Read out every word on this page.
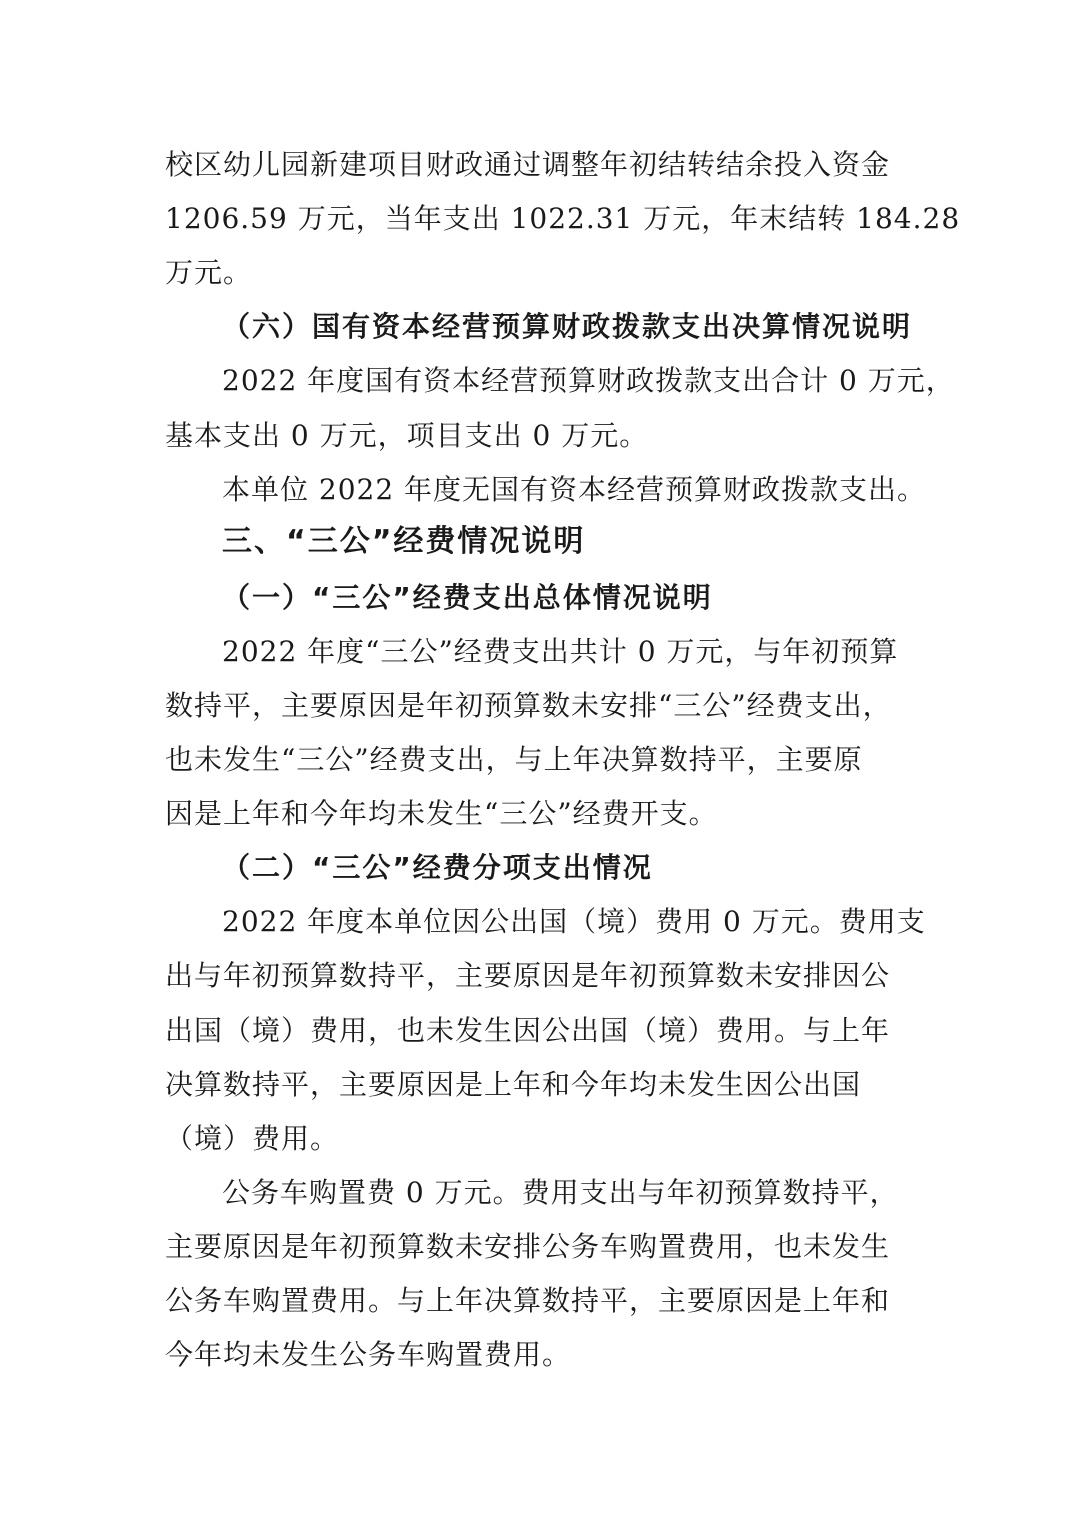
校区幼儿园新建项目财政通过调整年初结转结余投入资金
1206.59 万元，当年支出 1022.31 万元，年末结转 184.28
万元。
（六）国有资本经营预算财政拨款支出决算情况说明
2022 年度国有资本经营预算财政拨款支出合计 0 万元，
基本支出 0 万元，项目支出 0 万元。
本单位 2022 年度无国有资本经营预算财政拨款支出。
三、“三公”经费情况说明
（一）“三公”经费支出总体情况说明
2022 年度“三公”经费支出共计 0 万元，与年初预算
数持平，主要原因是年初预算数未安排“三公”经费支出，
也未发生“三公”经费支出，与上年决算数持平，主要原
因是上年和今年均未发生“三公”经费开支。
（二）“三公”经费分项支出情况
2022 年度本单位因公出国（境）费用 0 万元。费用支
出与年初预算数持平，主要原因是年初预算数未安排因公
出国（境）费用，也未发生因公出国（境）费用。与上年
决算数持平，主要原因是上年和今年均未发生因公出国
（境）费用。
公务车购置费 0 万元。费用支出与年初预算数持平，
主要原因是年初预算数未安排公务车购置费用，也未发生
公务车购置费用。与上年决算数持平，主要原因是上年和
今年均未发生公务车购置费用。
